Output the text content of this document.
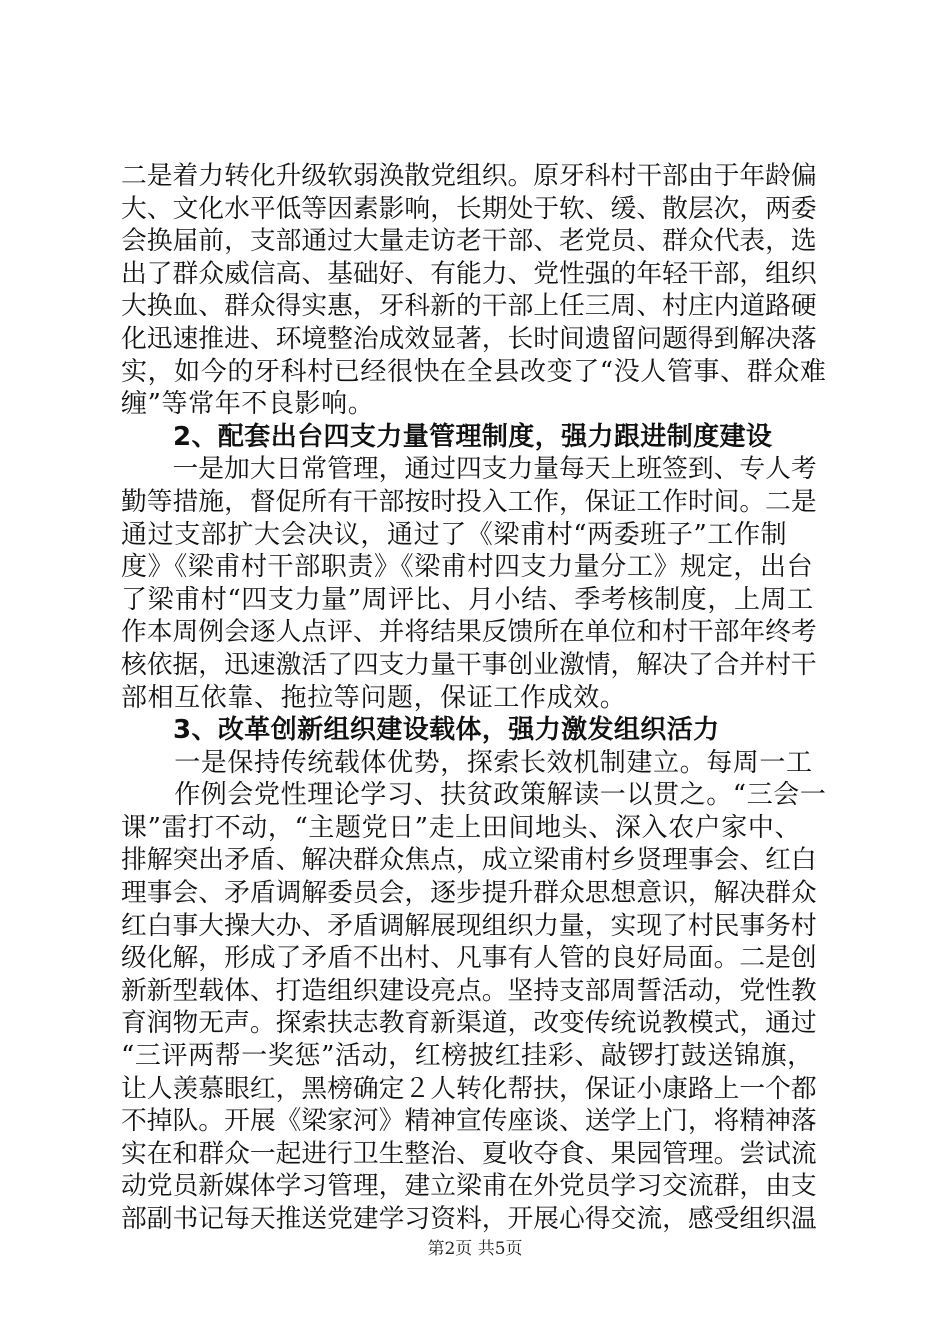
二是着力转化升级软弱涣散党组织。原牙科村干部由于年龄偏
大、文化水平低等因素影响，长期处于软、缓、散层次，两委
会换届前，支部通过大量走访老干部、老党员、群众代表，选
出了群众威信高、基础好、有能力、党性强的年轻干部，组织
大换血、群众得实惠，牙科新的干部上任三周、村庄内道路硬
化迅速推进、环境整治成效显著，长时间遗留问题得到解决落
实，如今的牙科村已经很快在全县改变了“没人管事、群众难
缠”等常年不良影响。
2、配套出台四支力量管理制度，强力跟进制度建设
　　一是加大日常管理，通过四支力量每天上班签到、专人考
勤等措施，督促所有干部按时投入工作，保证工作时间。二是
通过支部扩大会决议，通过了《梁甫村“两委班子”工作制
度》《梁甫村干部职责》《梁甫村四支力量分工》规定，出台
了梁甫村“四支力量”周评比、月小结、季考核制度，上周工
作本周例会逐人点评、并将结果反馈所在单位和村干部年终考
核依据，迅速激活了四支力量干事创业激情，解决了合并村干
部相互依靠、拖拉等问题，保证工作成效。
3、改革创新组织建设载体，强力激发组织活力
　　一是保持传统载体优势，探索长效机制建立。每周一工
　　作例会党性理论学习、扶贫政策解读一以贯之。“三会一
课”雷打不动，“主题党日”走上田间地头、深入农户家中、
排解突出矛盾、解决群众焦点，成立梁甫村乡贤理事会、红白
理事会、矛盾调解委员会，逐步提升群众思想意识，解决群众
红白事大操大办、矛盾调解展现组织力量，实现了村民事务村
级化解，形成了矛盾不出村、凡事有人管的良好局面。二是创
新新型载体、打造组织建设亮点。坚持支部周誓活动，党性教
育润物无声。探索扶志教育新渠道，改变传统说教模式，通过
“三评两帮一奖惩”活动，红榜披红挂彩、敲锣打鼓送锦旗，
让人羡慕眼红，黑榜确定２人转化帮扶，保证小康路上一个都
不掉队。开展《梁家河》精神宣传座谈、送学上门，将精神落
实在和群众一起进行卫生整治、夏收夺食、果园管理。尝试流
动党员新媒体学习管理，建立梁甫在外党员学习交流群，由支
部副书记每天推送党建学习资料，开展心得交流，感受组织温
第2页 共5页
